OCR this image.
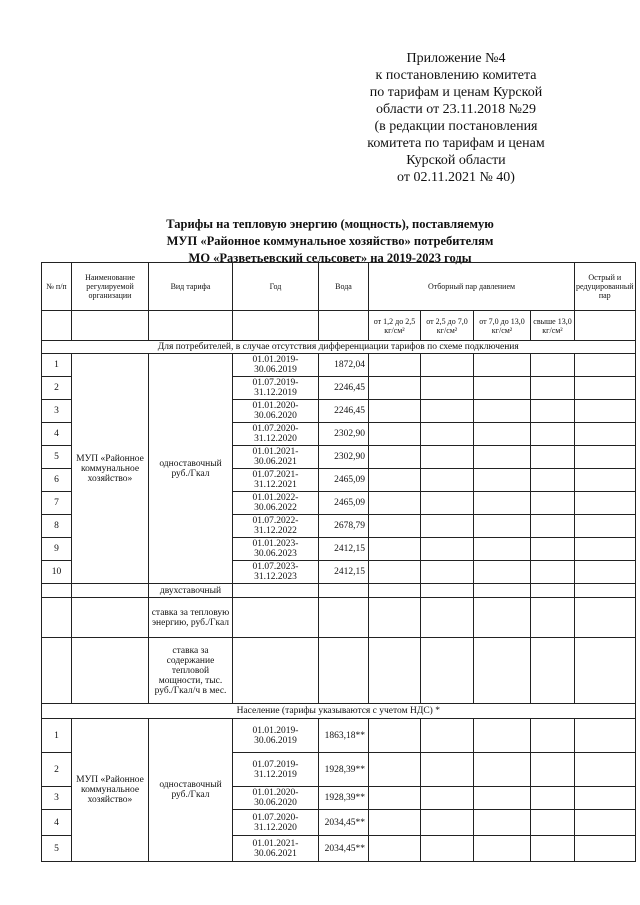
Приложение №4
к постановлению комитета
по тарифам и ценам Курской
области от 23.11.2018 №29
(в редакции постановления
комитета по тарифам и ценам
Курской области
от 02.11.2021 № 40)
Тарифы на тепловую энергию (мощность), поставляемую
МУП «Районное коммунальное хозяйство» потребителям
МО «Разветьевский сельсовет» на 2019-2023 годы
№ п/п	Наименование регулируемой организации	Вид тарифа	Год	Вода	Отборный пар давлением				Острый и редуцированный пар
					от 1,2 до 2,5 кг/см²	от 2,5 до 7,0 кг/см²	от 7,0 до 13,0 кг/см²	свыше 13,0 кг/см²	
Для потребителей, в случае отсутствия дифференциации тарифов по схеме подключения									
1	МУП «Районное коммунальное хозяйство»	одноставочный руб./Гкал	01.01.2019-30.06.2019	1872,04					
2			01.07.2019-31.12.2019	2246,45					
3			01.01.2020-30.06.2020	2246,45					
4			01.07.2020-31.12.2020	2302,90					
5			01.01.2021-30.06.2021	2302,90					
6			01.07.2021-31.12.2021	2465,09					
7			01.01.2022-30.06.2022	2465,09					
8			01.07.2022-31.12.2022	2678,79					
9			01.01.2023-30.06.2023	2412,15					
10			01.07.2023-31.12.2023	2412,15					
		двухставочный							
		ставка за тепловую энергию, руб./Гкал							
		ставка за содержание тепловой мощности, тыс. руб./Гкал/ч в мес.							
Население (тарифы указываются с учетом НДС) *									
1	МУП «Районное коммунальное хозяйство»	одноставочный руб./Гкал	01.01.2019-30.06.2019	1863,18**					
2			01.07.2019-31.12.2019	1928,39**					
3			01.01.2020-30.06.2020	1928,39**					
4			01.07.2020-31.12.2020	2034,45**					
5			01.01.2021-30.06.2021	2034,45**					
